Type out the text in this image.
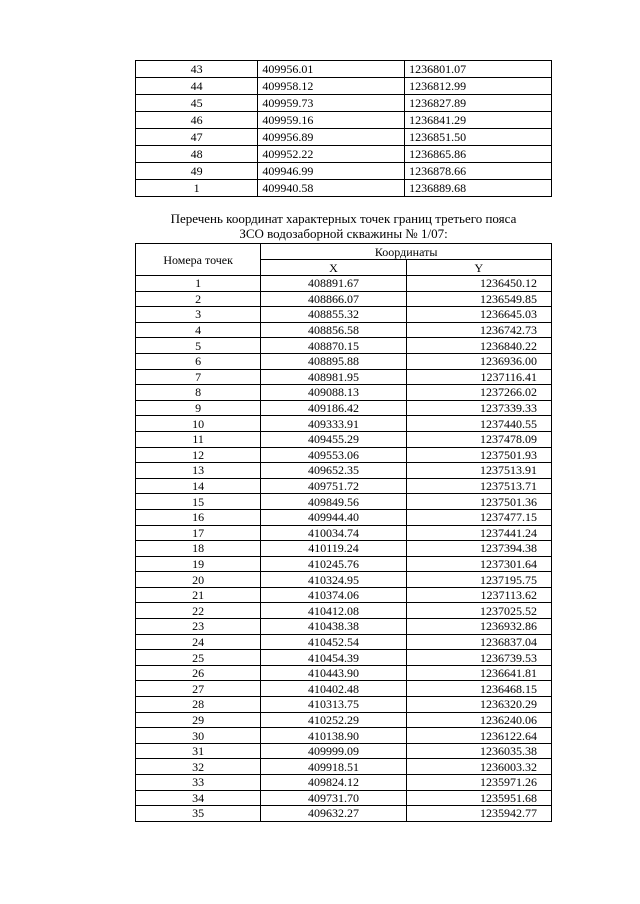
43	409956.01	1236801.07
44	409958.12	1236812.99
45	409959.73	1236827.89
46	409959.16	1236841.29
47	409956.89	1236851.50
48	409952.22	1236865.86
49	409946.99	1236878.66
1	409940.58	1236889.68
Перечень координат характерных точек границ третьего пояса
ЗСО водозаборной скважины № 1/07:
Номера точек	Координаты	
	X	Y
1	408891.67	1236450.12
2	408866.07	1236549.85
3	408855.32	1236645.03
4	408856.58	1236742.73
5	408870.15	1236840.22
6	408895.88	1236936.00
7	408981.95	1237116.41
8	409088.13	1237266.02
9	409186.42	1237339.33
10	409333.91	1237440.55
11	409455.29	1237478.09
12	409553.06	1237501.93
13	409652.35	1237513.91
14	409751.72	1237513.71
15	409849.56	1237501.36
16	409944.40	1237477.15
17	410034.74	1237441.24
18	410119.24	1237394.38
19	410245.76	1237301.64
20	410324.95	1237195.75
21	410374.06	1237113.62
22	410412.08	1237025.52
23	410438.38	1236932.86
24	410452.54	1236837.04
25	410454.39	1236739.53
26	410443.90	1236641.81
27	410402.48	1236468.15
28	410313.75	1236320.29
29	410252.29	1236240.06
30	410138.90	1236122.64
31	409999.09	1236035.38
32	409918.51	1236003.32
33	409824.12	1235971.26
34	409731.70	1235951.68
35	409632.27	1235942.77
